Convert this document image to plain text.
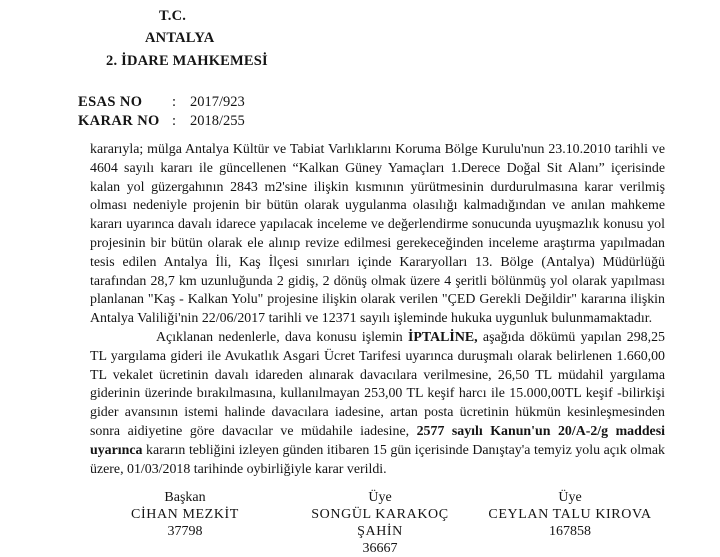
T.C.
ANTALYA
2. İDARE MAHKEMESİ
ESAS NO : 2017/923
KARAR NO : 2018/255

kararıyla; mülga Antalya Kültür ve Tabiat Varlıklarını Koruma Bölge Kurulu'nun 23.10.2010 tarihli ve 4604 sayılı kararı ile güncellenen “Kalkan Güney Yamaçları 1.Derece Doğal Sit Alanı” içerisinde kalan yol güzergahının 2843 m2'sine ilişkin kısmının yürütmesinin durdurulmasına karar verilmiş olması nedeniyle projenin bir bütün olarak uygulanma olasılığı kalmadığından ve anılan mahkeme kararı uyarınca davalı idarece yapılacak inceleme ve değerlendirme sonucunda uyuşmazlık konusu yol projesinin bir bütün olarak ele alınıp revize edilmesi gerekeceğinden inceleme araştırma yapılmadan tesis edilen Antalya İli, Kaş İlçesi sınırları içinde Kararyolları 13. Bölge (Antalya) Müdürlüğü tarafından 28,7 km uzunluğunda 2 gidiş, 2 dönüş olmak üzere 4 şeritli bölünmüş yol olarak yapılması planlanan "Kaş - Kalkan Yolu" projesine ilişkin olarak verilen "ÇED Gerekli Değildir" kararına ilişkin Antalya Valiliği'nin 22/06/2017 tarihli ve 12371 sayılı işleminde hukuka uygunluk bulunmamaktadır.

Açıklanan nedenlerle, dava konusu işlemin İPTALİNE, aşağıda dökümü yapılan 298,25 TL yargılama gideri ile Avukatlık Asgari Ücret Tarifesi uyarınca duruşmalı olarak belirlenen 1.660,00 TL vekalet ücretinin davalı idareden alınarak davacılara verilmesine, 26,50 TL müdahil yargılama giderinin üzerinde bırakılmasına, kullanılmayan 253,00 TL keşif harcı ile 15.000,00TL keşif -bilirkişi gider avansının istemi halinde davacılara iadesine, artan posta ücretinin hükmün kesinleşmesinden sonra aidiyetine göre davacılar ve müdahile iadesine, 2577 sayılı Kanun'un 20/A-2/g maddesi uyarınca kararın tebliğini izleyen günden itibaren 15 gün içerisinde Danıştay'a temyiz yolu açık olmak üzere, 01/03/2018 tarihinde oybirliğiyle karar verildi.

Başkan
CİHAN MEZKİT
37798
Üye
SONGÜL KARAKOÇ ŞAHİN
36667
Üye
CEYLAN TALU KIROVA
167858
